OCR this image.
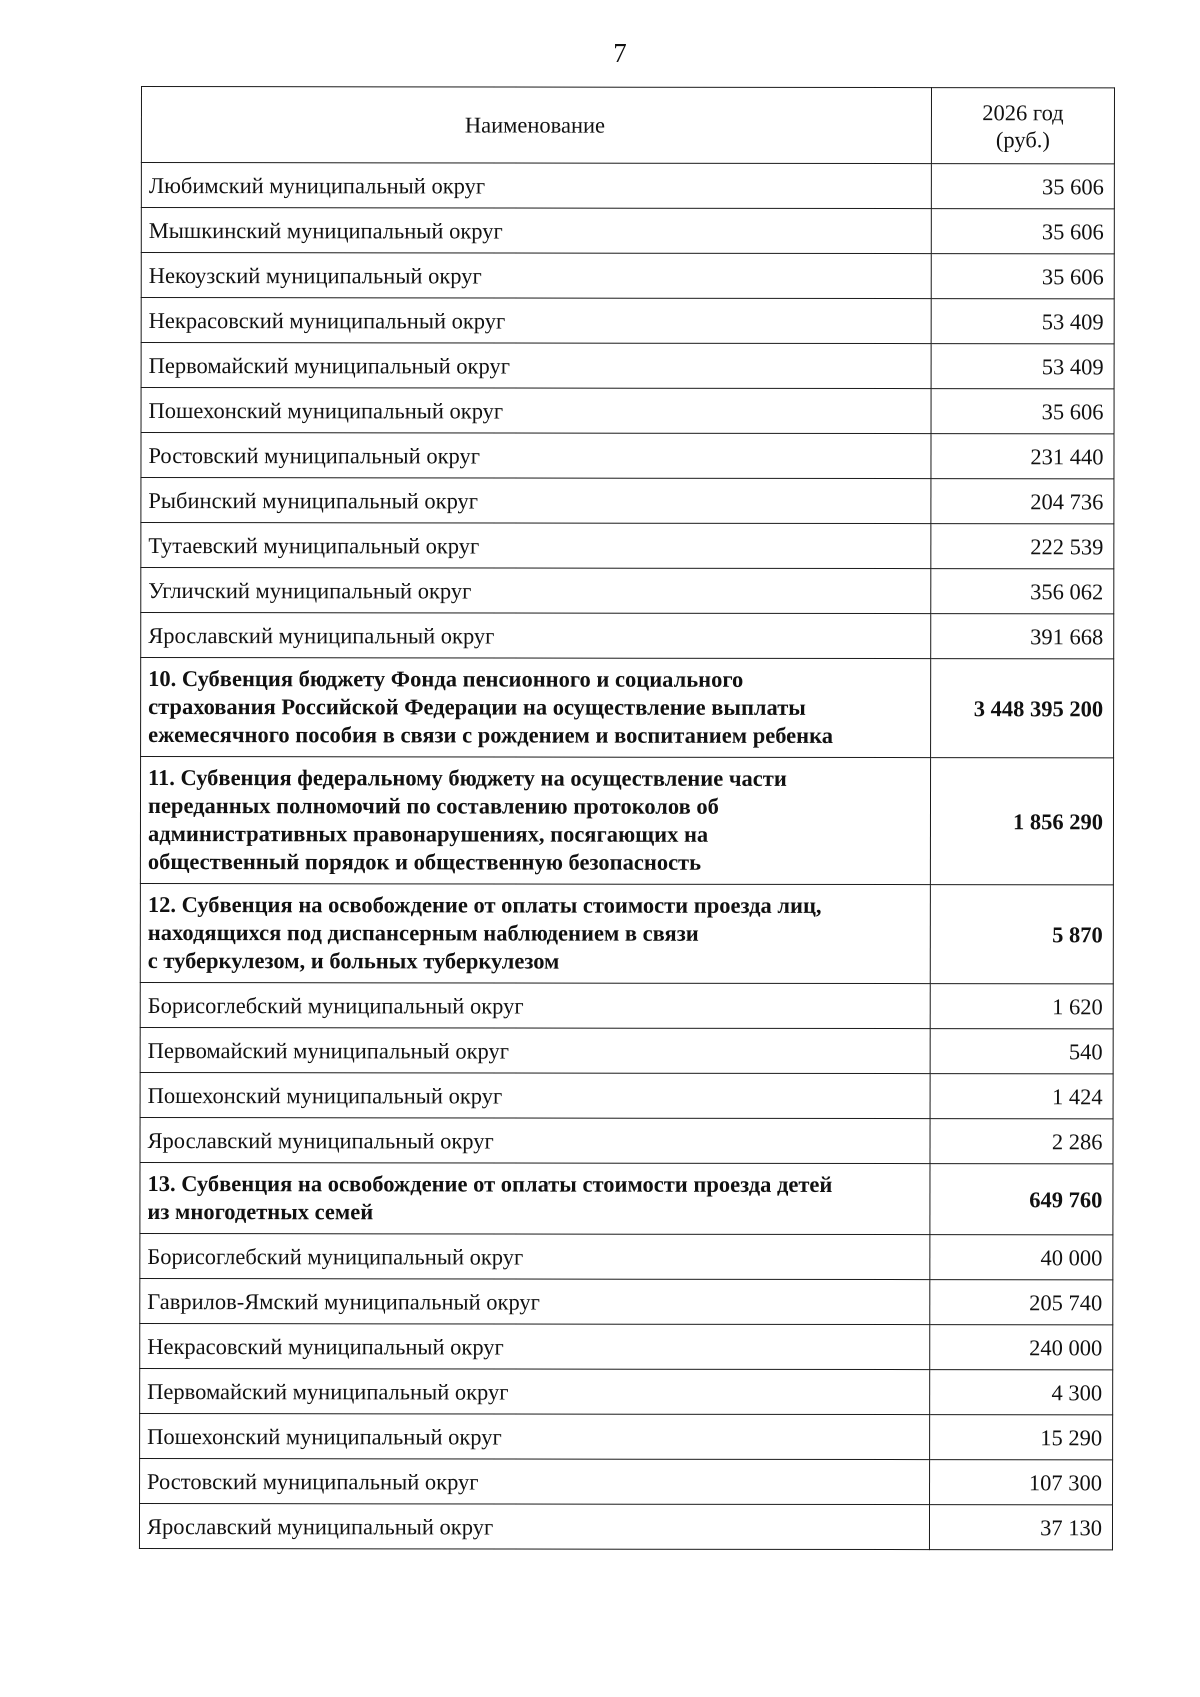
7
Наименование	2026 год
(руб.)
Любимский муниципальный округ	35 606
Мышкинский муниципальный округ	35 606
Некоузский муниципальный округ	35 606
Некрасовский муниципальный округ	53 409
Первомайский муниципальный округ	53 409
Пошехонский муниципальный округ	35 606
Ростовский муниципальный округ	231 440
Рыбинский муниципальный округ	204 736
Тутаевский муниципальный округ	222 539
Угличский муниципальный округ	356 062
Ярославский муниципальный округ	391 668
10. Субвенция бюджету Фонда пенсионного и социального
страхования Российской Федерации на осуществление выплаты
ежемесячного пособия в связи с рождением и воспитанием ребенка	3 448 395 200
11. Субвенция федеральному бюджету на осуществление части
переданных полномочий по составлению протоколов об
административных правонарушениях, посягающих на
общественный порядок и общественную безопасность	1 856 290
12. Субвенция на освобождение от оплаты стоимости проезда лиц,
находящихся под диспансерным наблюдением в связи
с туберкулезом, и больных туберкулезом	5 870
Борисоглебский муниципальный округ	1 620
Первомайский муниципальный округ	540
Пошехонский муниципальный округ	1 424
Ярославский муниципальный округ	2 286
13. Субвенция на освобождение от оплаты стоимости проезда детей
из многодетных семей	649 760
Борисоглебский муниципальный округ	40 000
Гаврилов-Ямский муниципальный округ	205 740
Некрасовский муниципальный округ	240 000
Первомайский муниципальный округ	4 300
Пошехонский муниципальный округ	15 290
Ростовский муниципальный округ	107 300
Ярославский муниципальный округ	37 130
